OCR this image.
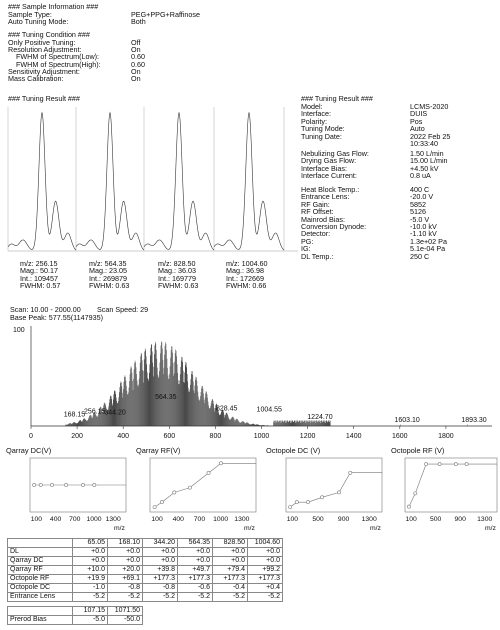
### Sample Information ###
Sample Type:	PEG+PPG+Raffinose
Auto Tuning Mode:	Both
### Tuning Condition ###
Only Positive Tuning:	Off
Resolution Adjustment:	On
FWHM of Spectrum(Low):	0.60
FWHM of Spectrum(High):	0.60
Sensitivity Adjustment:	On
Mass Calibration:	On
### Tuning Result ###
m/z: 256.15
Mag.: 50.17
Int.: 109457
FWHM: 0.57
m/z: 564.35
Mag.: 23.05
Int.: 269879
FWHM: 0.63
m/z: 828.50
Mag.: 36.03
Int.: 169779
FWHM: 0.63
m/z: 1004.60
Mag.: 36.98
Int.: 172669
FWHM: 0.66
### Tuning Result ###
Model:	LCMS-2020
Interface:	DUIS
Polarity:	Pos
Tuning Mode:	Auto
Tuning Date:	2022 Feb 25
10:33:40
Nebulizing Gas Flow:	1.50 L/min
Drying Gas Flow:	15.00 L/min
Interface Bias:	+4.50 kV
Interface Current:	0.8 uA
Heat Block Temp.:	400 C
Entrance Lens:	-20.0 V
RF Gain:	5852
RF Offset:	5126
Mainrod Bias:	-5.0 V
Conversion Dynode:	-10.0 kV
Detector:	-1.10 kV
PG:	1.3e+02 Pa
IG:	5.1e-04 Pa
DL Temp.:	250 C
Scan: 10.00 - 2000.00 Scan Speed: 29
Base Peak: 577.55(1147935)
100
0	200	400	600	800	1000	1200	1400	1600	1800
168.15
256.15
344.20
564.35
828.45	1004.55
1224.70	1603.10	1893.30
Qarray DC(V)
100 400 700 1000 1300
m/z
Qarray RF(V)
100 400 700 1000 1300
m/z
Octopole DC (V)
100 500 900 1300
m/z
Octopole RF (V)
100 500 900 1300
m/z
	65.05	168.10	344.20	564.35	828.50	1004.60
DL	+0.0	+0.0	+0.0	+0.0	+0.0	+0.0
Qarray DC	+0.0	+0.0	+0.0	+0.0	+0.0	+0.0
Qarray RF	+10.0	+20.0	+39.8	+49.7	+79.4	+99.2
Octopole RF	+19.9	+69.1	+177.3	+177.3	+177.3	+177.3
Octopole DC	-1.0	-0.8	-0.8	-0.6	-0.4	+0.4
Entrance Lens	-5.2	-5.2	-5.2	-5.2	-5.2	-5.2
	107.15	1071.50
Prerod Bias	-5.0	-50.0
